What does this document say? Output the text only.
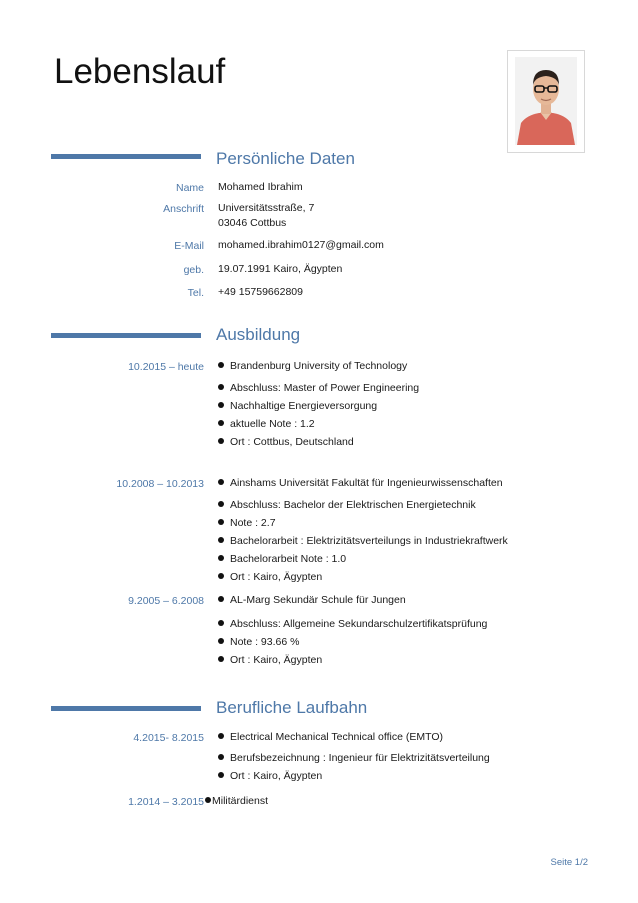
Lebenslauf
Persönliche Daten
Name Mohamed Ibrahim
Anschrift Universitätsstraße, 7
03046 Cottbus
E-Mail mohamed.ibrahim0127@gmail.com
geb. 19.07.1991 Kairo, Ägypten
Tel. +49 15759662809
Ausbildung
10.2015 – heute	Brandenburg University of Technology
Abschluss: Master of Power Engineering
Nachhaltige Energieversorgung
aktuelle Note : 1.2
Ort : Cottbus, Deutschland
10.2008 – 10.2013	Ainshams Universität Fakultät für Ingenieurwissenschaften
Abschluss: Bachelor der Elektrischen Energietechnik
Note : 2.7
Bachelorarbeit : Elektrizitätsverteilungs in Industriekraftwerk
Bachelorarbeit Note : 1.0
Ort : Kairo, Ägypten
9.2005 – 6.2008	AL-Marg Sekundär Schule für Jungen
Abschluss: Allgemeine Sekundarschulzertifikatsprüfung
Note : 93.66 %
Ort : Kairo, Ägypten
Berufliche Laufbahn
4.2015- 8.2015	Electrical Mechanical Technical office (EMTO)
Berufsbezeichnung : Ingenieur für Elektrizitätsverteilung
Ort : Kairo, Ägypten
1.2014 – 3.2015 Militärdienst
Seite 1/2
